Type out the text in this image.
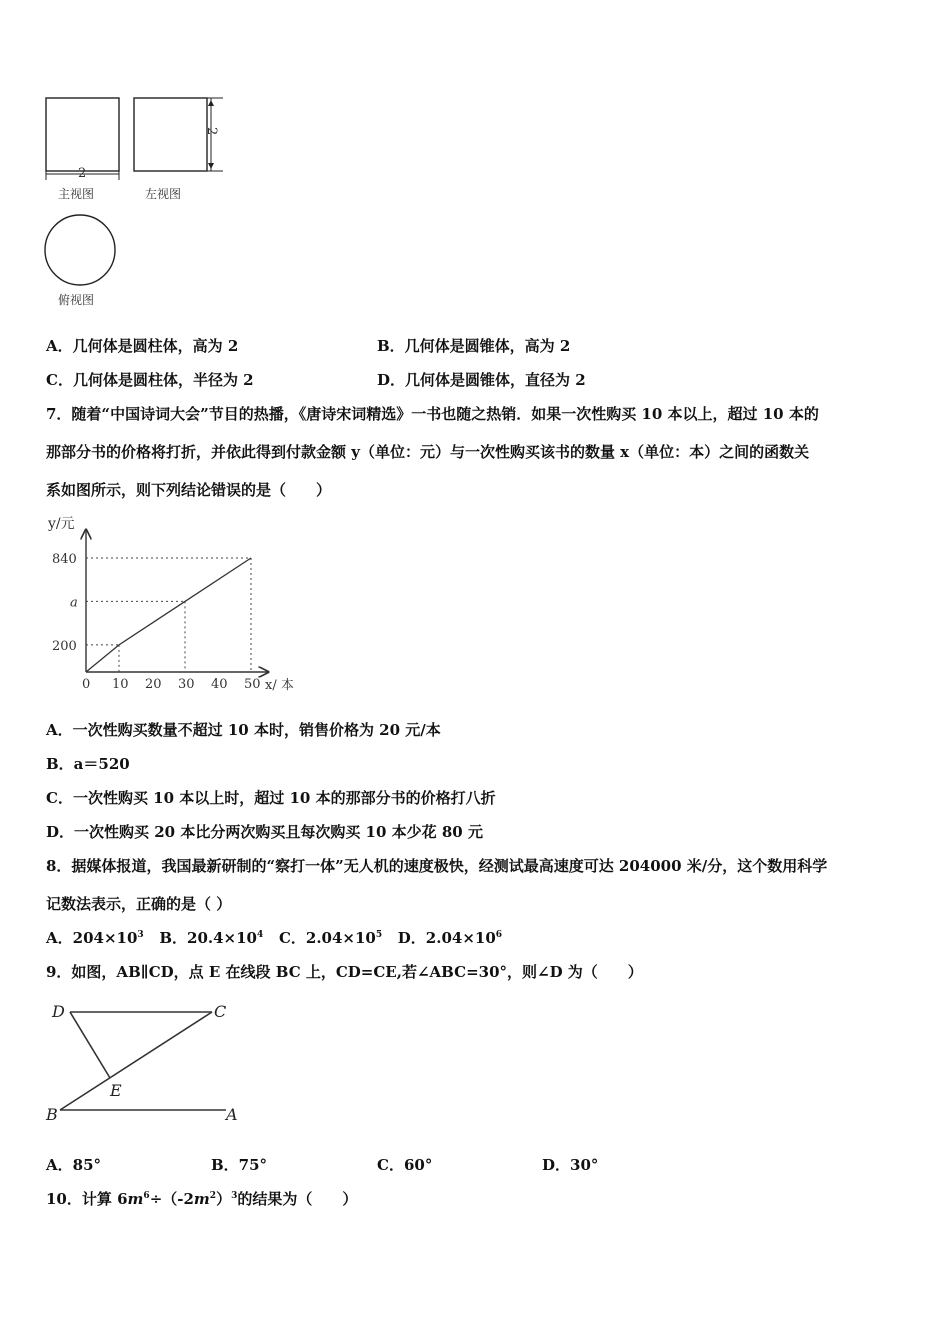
2
主视图
2
左视图
俯视图
A．几何体是圆柱体，高为 2	B．几何体是圆锥体，高为 2
C．几何体是圆柱体，半径为 2	D．几何体是圆锥体，直径为 2
7．随着“中国诗词大会”节目的热播，《唐诗宋词精选》一书也随之热销．如果一次性购买 10 本以上，超过 10 本的
那部分书的价格将打折，并依此得到付款金额 y（单位：元）与一次性购买该书的数量 x（单位：本）之间的函数关
系如图所示，则下列结论错误的是（　　）
y/元
x/ 本
0 10 20 30 40 50
200
a
840
A．一次性购买数量不超过 10 本时，销售价格为 20 元/本
B．a＝520
C．一次性购买 10 本以上时，超过 10 本的那部分书的价格打八折
D．一次性购买 20 本比分两次购买且每次购买 10 本少花 80 元
8．据媒体报道，我国最新研制的“察打一体”无人机的速度极快，经测试最高速度可达 204000 米/分，这个数用科学
记数法表示，正确的是（ ）
A．$204\times 10^3$ B．$20.4\times 10^4$ C．$2.04\times 10^5$ D．$2.04\times 10^6$
9．如图，AB∥CD，点 E 在线段 BC 上，CD=CE,若∠ABC=30°，则∠D 为（　　）
D	C
E
B	A
A．85°	B．75°	C．60°	D．30°
10．计算 $6m^6\div(-2m^2)^3$的结果为（　　）
